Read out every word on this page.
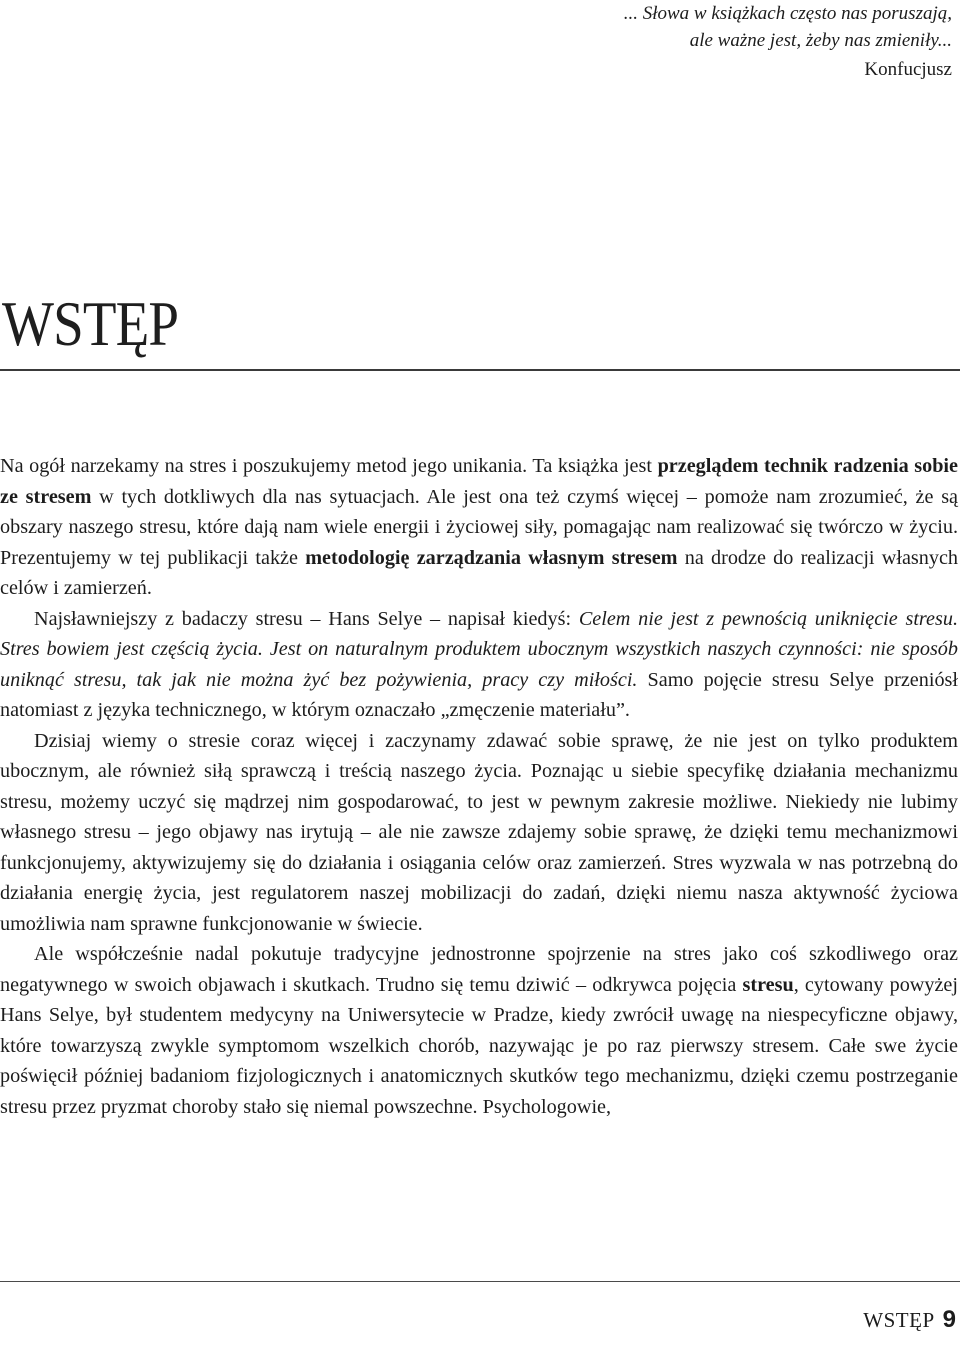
... Słowa w książkach często nas poruszają,
ale ważne jest, żeby nas zmieniły...
Konfucjusz
WSTĘP

Na ogół narzekamy na stres i poszukujemy metod jego unikania. Ta książka jest przeglądem technik radzenia sobie ze stresem w tych dotkliwych dla nas sytuacjach. Ale jest ona też czymś więcej – pomoże nam zrozumieć, że są obszary naszego stresu, które dają nam wiele energii i życiowej siły, pomagając nam realizować się twórczo w życiu. Prezentujemy w tej publikacji także metodologię zarządzania własnym stresem na drodze do realizacji własnych celów i zamierzeń.

Najsławniejszy z badaczy stresu – Hans Selye – napisał kiedyś: Celem nie jest z pewnością uniknięcie stresu. Stres bowiem jest częścią życia. Jest on naturalnym produktem ubocznym wszystkich naszych czynności: nie sposób uniknąć stresu, tak jak nie można żyć bez pożywienia, pracy czy miłości. Samo pojęcie stresu Selye przeniósł natomiast z języka technicznego, w którym oznaczało „zmęczenie materiału”.

Dzisiaj wiemy o stresie coraz więcej i zaczynamy zdawać sobie sprawę, że nie jest on tylko produktem ubocznym, ale również siłą sprawczą i treścią naszego życia. Poznając u siebie specyfikę działania mechanizmu stresu, możemy uczyć się mądrzej nim gospodarować, to jest w pewnym zakresie możliwe. Niekiedy nie lubimy własnego stresu – jego objawy nas irytują – ale nie zawsze zdajemy sobie sprawę, że dzięki temu mechanizmowi funkcjonujemy, aktywizujemy się do działania i osiągania celów oraz zamierzeń. Stres wyzwala w nas potrzebną do działania energię życia, jest regulatorem naszej mobilizacji do zadań, dzięki niemu nasza aktywność życiowa umożliwia nam sprawne funkcjonowanie w świecie.

Ale współcześnie nadal pokutuje tradycyjne jednostronne spojrzenie na stres jako coś szkodliwego oraz negatywnego w swoich objawach i skutkach. Trudno się temu dziwić – odkrywca pojęcia stresu, cytowany powyżej Hans Selye, był studentem medycyny na Uniwersytecie w Pradze, kiedy zwrócił uwagę na niespecyficzne objawy, które towarzyszą zwykle symptomom wszelkich chorób, nazywając je po raz pierwszy stresem. Całe swe życie poświęcił później badaniom fizjologicznych i anatomicznych skutków tego mechanizmu, dzięki czemu postrzeganie stresu przez pryzmat choroby stało się niemal powszechne. Psychologowie,

WSTĘP 9
